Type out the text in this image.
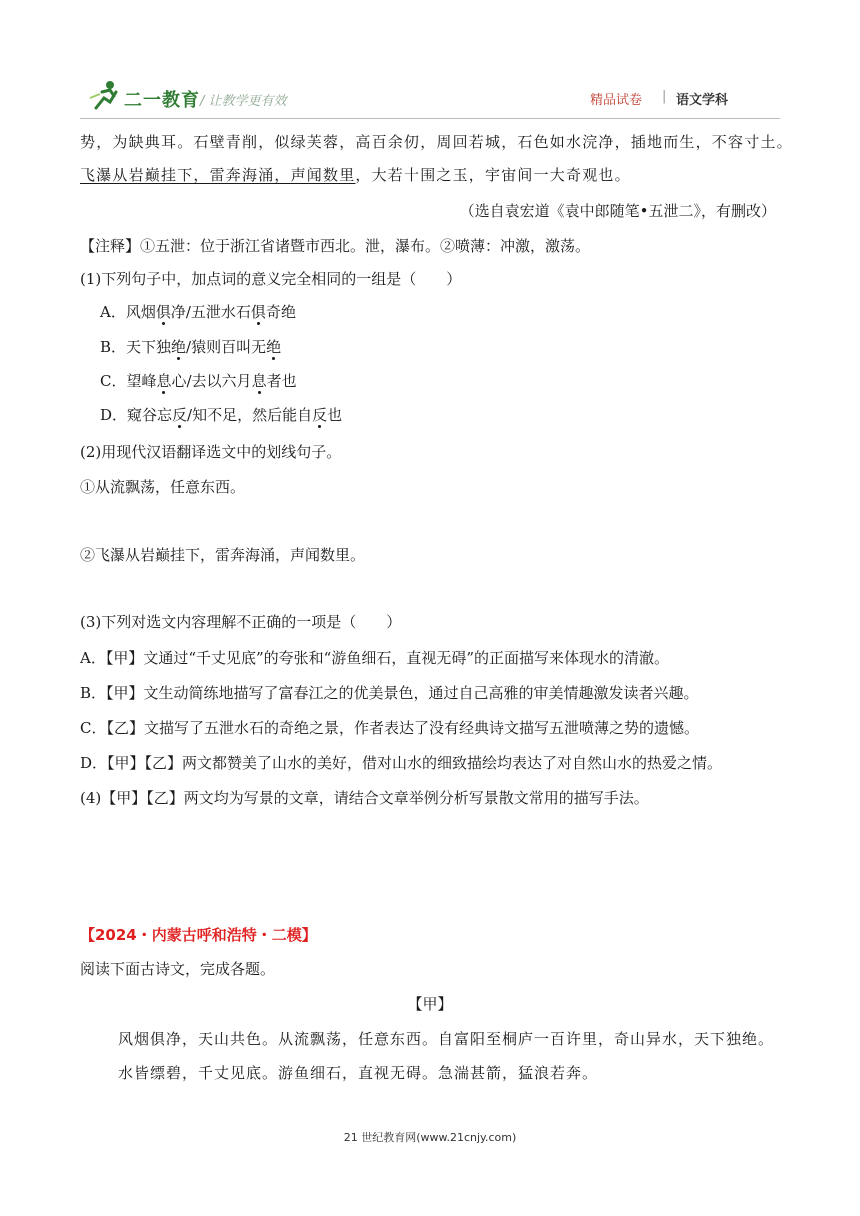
二一教育 / 让教学更有效	精品试卷 | 语文学科
势，为缺典耳。石壁青削，似绿芙蓉，高百余仞，周回若城，石色如水浣净，插地而生，不容寸土。
飞瀑从岩巅挂下，雷奔海涌，声闻数里，大若十围之玉，宇宙间一大奇观也。
（选自袁宏道《袁中郎随笔•五泄二》，有删改）
【注释】①五泄：位于浙江省诸暨市西北。泄，瀑布。②喷薄：冲激，激荡。
(1)下列句子中，加点词的意义完全相同的一组是（　　）
A．风烟俱净/五泄水石俱奇绝
B．天下独绝/猿则百叫无绝
C．望峰息心/去以六月息者也
D．窥谷忘反/知不足，然后能自反也
(2)用现代汉语翻译选文中的划线句子。
①从流飘荡，任意东西。
②飞瀑从岩巅挂下，雷奔海涌，声闻数里。
(3)下列对选文内容理解不正确的一项是（　　）
A．【甲】文通过“千丈见底”的夸张和“游鱼细石，直视无碍”的正面描写来体现水的清澈。
B．【甲】文生动简练地描写了富春江之的优美景色，通过自己高雅的审美情趣激发读者兴趣。
C．【乙】文描写了五泄水石的奇绝之景，作者表达了没有经典诗文描写五泄喷薄之势的遗憾。
D．【甲】【乙】两文都赞美了山水的美好，借对山水的细致描绘均表达了对自然山水的热爱之情。
(4)【甲】【乙】两文均为写景的文章，请结合文章举例分析写景散文常用的描写手法。
【2024・内蒙古呼和浩特・二模】
阅读下面古诗文，完成各题。
【甲】
风烟俱净，天山共色。从流飘荡，任意东西。自富阳至桐庐一百许里，奇山异水，天下独绝。
水皆缥碧，千丈见底。游鱼细石，直视无碍。急湍甚箭，猛浪若奔。
21 世纪教育网(www.21cnjy.com)
